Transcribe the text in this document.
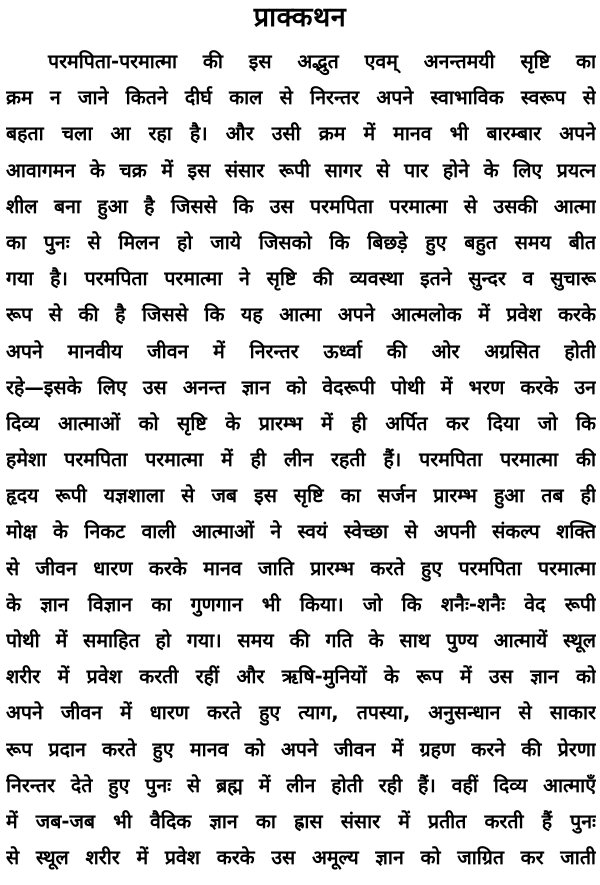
प्राक्कथन
परमपिता-परमात्मा की इस अद्भुत एवम् अनन्तमयी सृष्टि का
क्रम न जाने कितने दीर्घ काल से निरन्तर अपने स्वाभाविक स्वरूप से
बहता चला आ रहा है। और उसी क्रम में मानव भी बारम्बार अपने
आवागमन के चक्र में इस संसार रूपी सागर से पार होने के लिए प्रयत्न
शील बना हुआ है जिससे कि उस परमपिता परमात्मा से उसकी आत्मा
का पुनः से मिलन हो जाये जिसको कि बिछड़े हुए बहुत समय बीत
गया है। परमपिता परमात्मा ने सृष्टि की व्यवस्था इतने सुन्दर व सुचारू
रूप से की है जिससे कि यह आत्मा अपने आत्मलोक में प्रवेश करके
अपने मानवीय जीवन में निरन्तर ऊर्ध्वा की ओर अग्रसित होती
रहे—इसके लिए उस अनन्त ज्ञान को वेदरूपी पोथी में भरण करके उन
दिव्य आत्माओं को सृष्टि के प्रारम्भ में ही अर्पित कर दिया जो कि
हमेशा परमपिता परमात्मा में ही लीन रहती हैं। परमपिता परमात्मा की
हृदय रूपी यज्ञशाला से जब इस सृष्टि का सर्जन प्रारम्भ हुआ तब ही
मोक्ष के निकट वाली आत्माओं ने स्वयं स्वेच्छा से अपनी संकल्प शक्ति
से जीवन धारण करके मानव जाति प्रारम्भ करते हुए परमपिता परमात्मा
के ज्ञान विज्ञान का गुणगान भी किया। जो कि शनैः-शनैः वेद रूपी
पोथी में समाहित हो गया। समय की गति के साथ पुण्य आत्मायें स्थूल
शरीर में प्रवेश करती रहीं और ऋषि-मुनियों के रूप में उस ज्ञान को
अपने जीवन में धारण करते हुए त्याग, तपस्या, अनुसन्धान से साकार
रूप प्रदान करते हुए मानव को अपने जीवन में ग्रहण करने की प्रेरणा
निरन्तर देते हुए पुनः से ब्रह्म में लीन होती रही हैं। वहीं दिव्य आत्माएँ
में जब-जब भी वैदिक ज्ञान का ह्रास संसार में प्रतीत करती हैं पुनः
से स्थूल शरीर में प्रवेश करके उस अमूल्य ज्ञान को जाग्रित कर जाती
